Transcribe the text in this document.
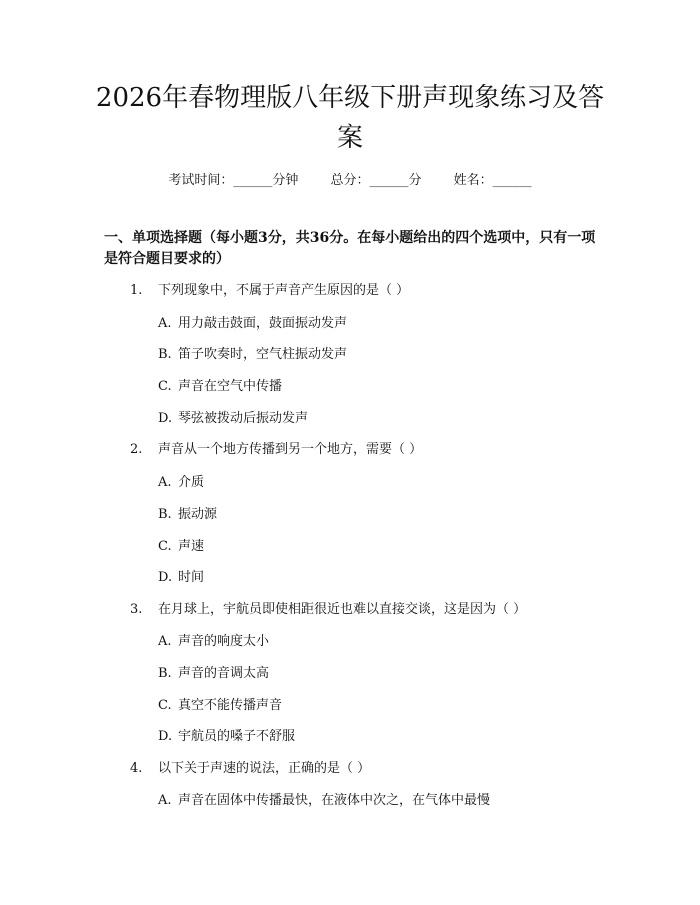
2026年春物理版八年级下册声现象练习及答案
考试时间：______分钟 总分：______分 姓名：______

一、单项选择题（每小题3分，共36分。在每小题给出的四个选项中，只有一项是符合题目要求的）

1. 下列现象中，不属于声音产生原因的是（ ）
A. 用力敲击鼓面，鼓面振动发声
B. 笛子吹奏时，空气柱振动发声
C. 声音在空气中传播
D. 琴弦被拨动后振动发声
2. 声音从一个地方传播到另一个地方，需要（ ）
A. 介质
B. 振动源
C. 声速
D. 时间
3. 在月球上，宇航员即使相距很近也难以直接交谈，这是因为（ ）
A. 声音的响度太小
B. 声音的音调太高
C. 真空不能传播声音
D. 宇航员的嗓子不舒服
4. 以下关于声速的说法，正确的是（ ）
A. 声音在固体中传播最快，在液体中次之，在气体中最慢
